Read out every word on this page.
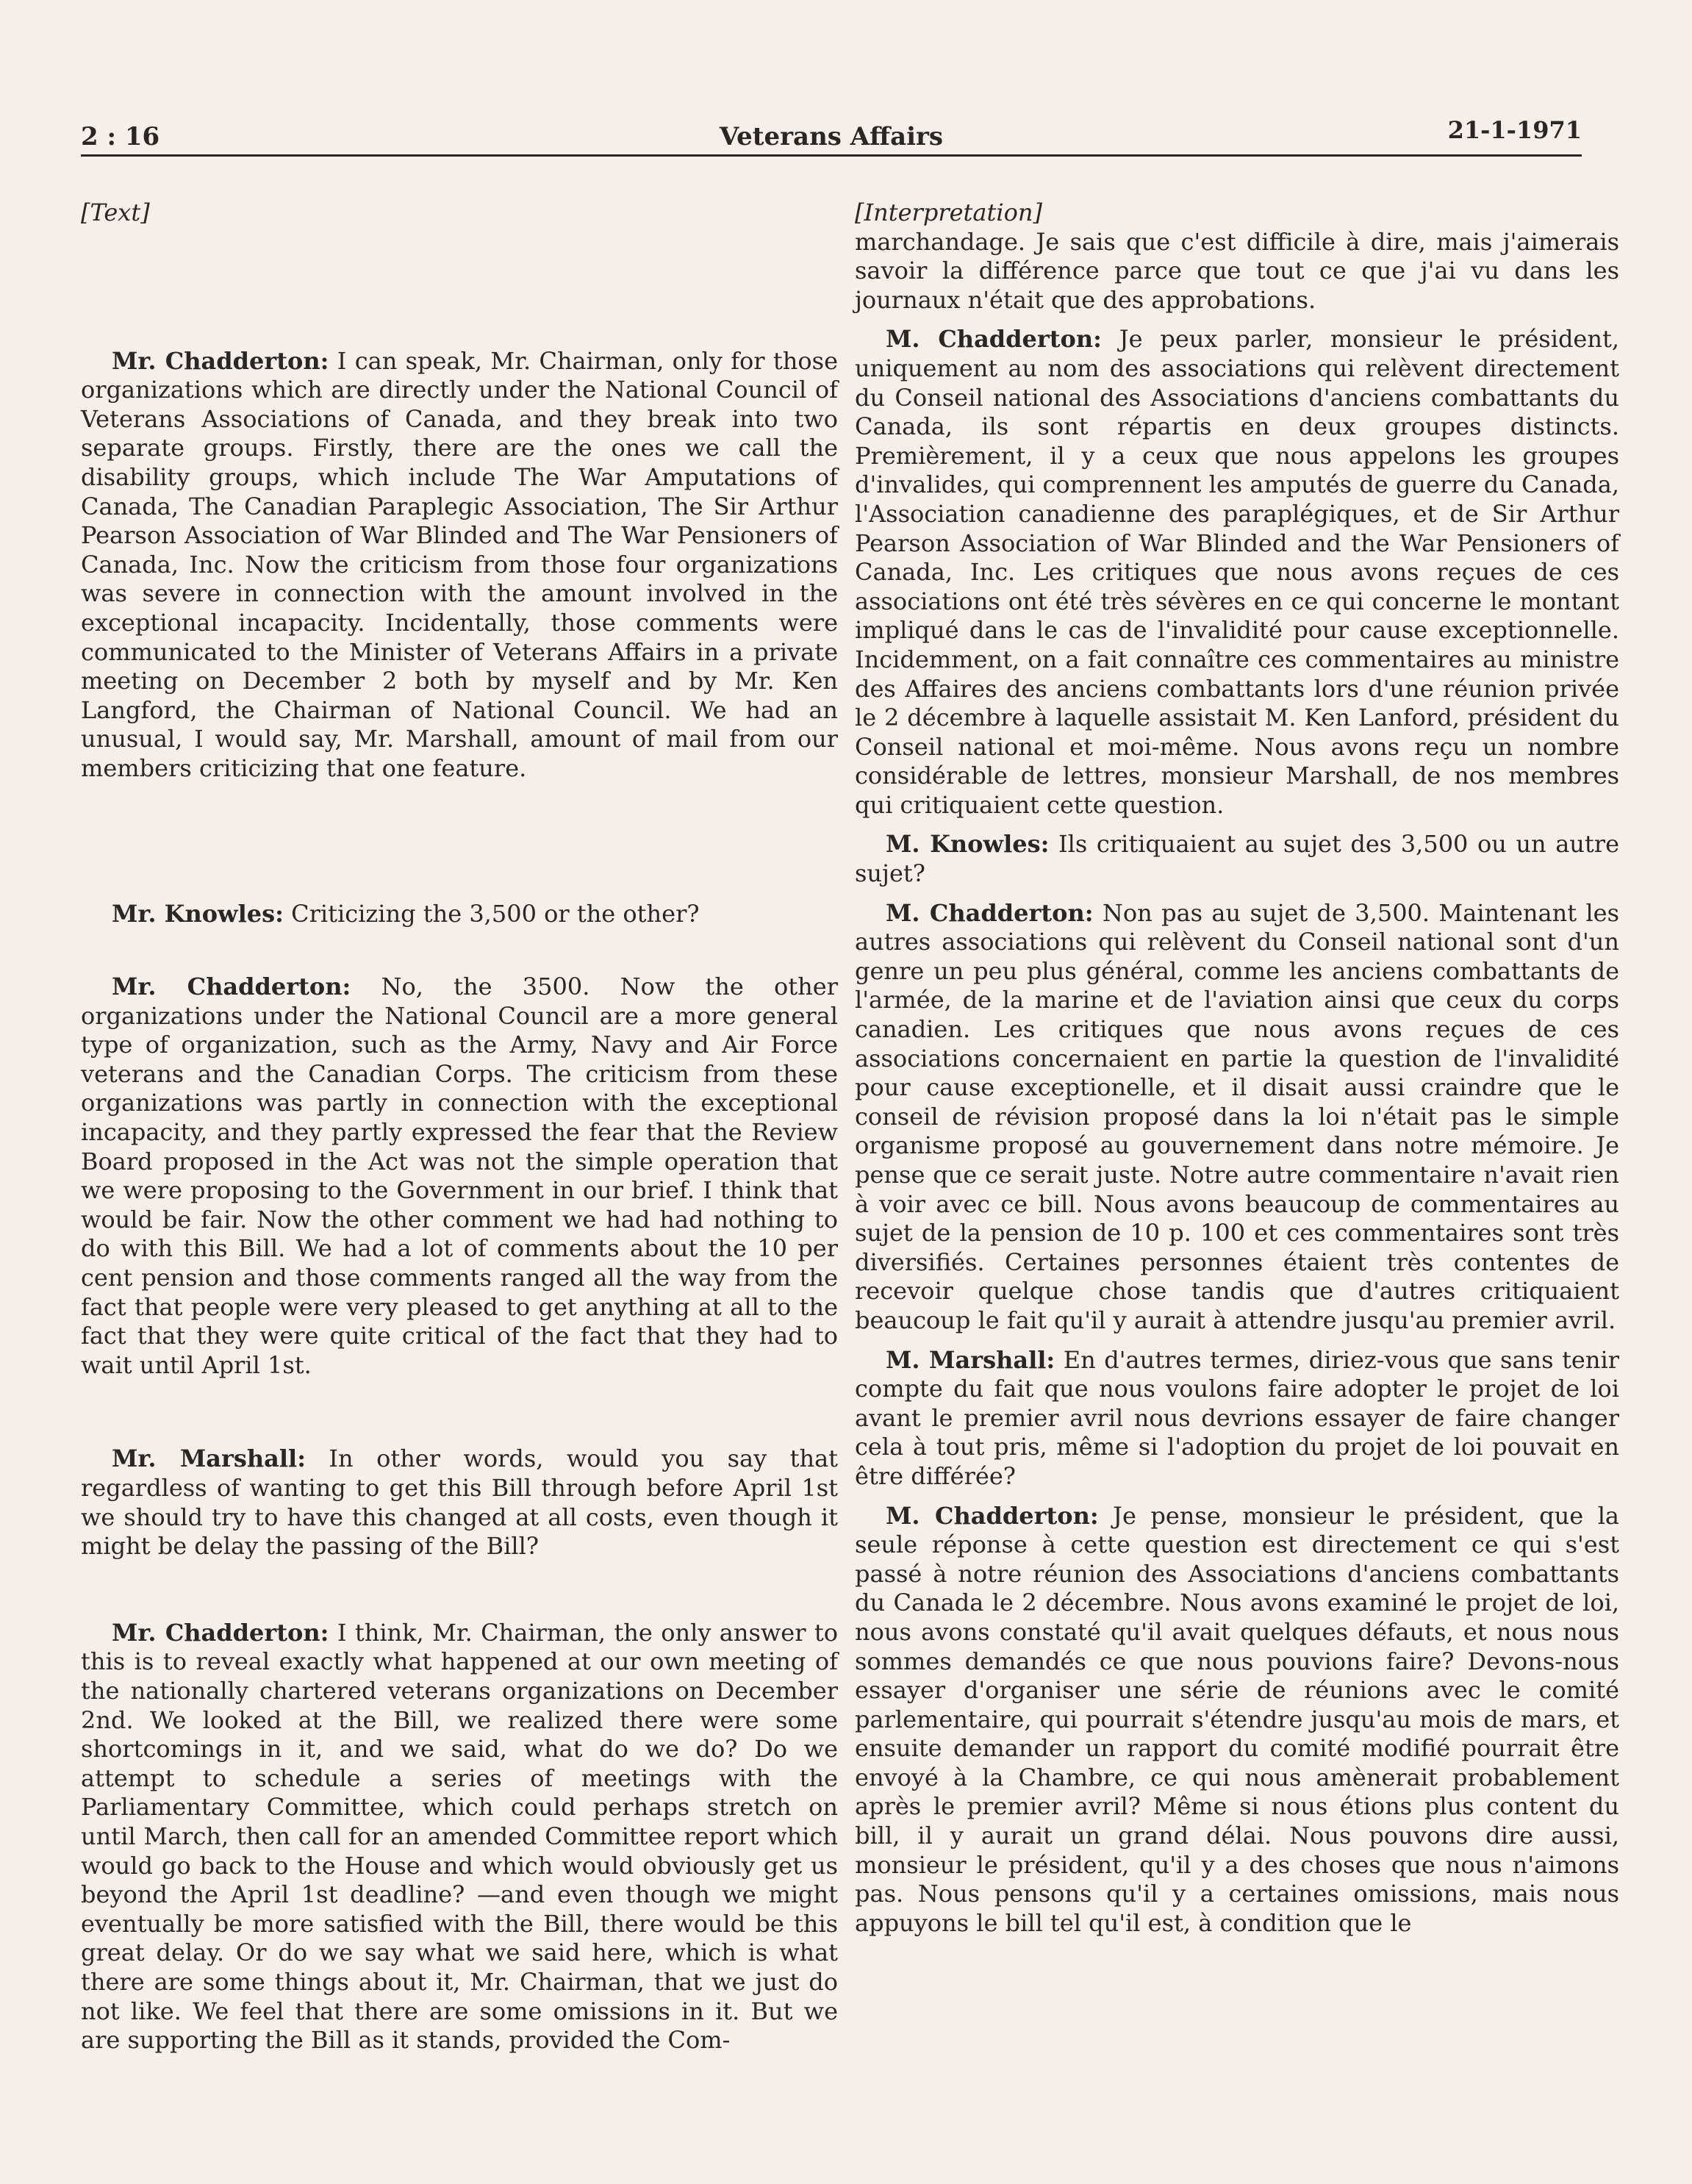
2 : 16	Veterans Affairs	21-1-1971

[Text]

Mr. Chadderton: I can speak, Mr. Chairman, only for those organizations which are directly under the National Council of Veterans Associations of Canada, and they break into two separate groups. Firstly, there are the ones we call the disability groups, which include The War Amputations of Canada, The Canadian Paraplegic Association, The Sir Arthur Pearson Association of War Blinded and The War Pensioners of Canada, Inc. Now the criticism from those four organizations was severe in connection with the amount involved in the exceptional incapacity. Incidentally, those comments were communicated to the Minister of Veterans Affairs in a private meeting on December 2 both by myself and by Mr. Ken Langford, the Chairman of National Council. We had an unusual, I would say, Mr. Marshall, amount of mail from our members criticizing that one feature.

Mr. Knowles: Criticizing the 3,500 or the other?

Mr. Chadderton: No, the 3500. Now the other organizations under the National Council are a more general type of organization, such as the Army, Navy and Air Force veterans and the Canadian Corps. The criticism from these organizations was partly in connection with the exceptional incapacity, and they partly expressed the fear that the Review Board proposed in the Act was not the simple operation that we were proposing to the Government in our brief. I think that would be fair. Now the other comment we had had nothing to do with this Bill. We had a lot of comments about the 10 per cent pension and those comments ranged all the way from the fact that people were very pleased to get anything at all to the fact that they were quite critical of the fact that they had to wait until April 1st.

Mr. Marshall: In other words, would you say that regardless of wanting to get this Bill through before April 1st we should try to have this changed at all costs, even though it might be delay the passing of the Bill?

Mr. Chadderton: I think, Mr. Chairman, the only answer to this is to reveal exactly what happened at our own meeting of the nationally chartered veterans organizations on December 2nd. We looked at the Bill, we realized there were some shortcomings in it, and we said, what do we do? Do we attempt to schedule a series of meetings with the Parliamentary Committee, which could perhaps stretch on until March, then call for an amended Committee report which would go back to the House and which would obviously get us beyond the April 1st deadline? —and even though we might eventually be more satisfied with the Bill, there would be this great delay. Or do we say what we said here, which is what there are some things about it, Mr. Chairman, that we just do not like. We feel that there are some omissions in it. But we are supporting the Bill as it stands, provided the Com-

[Interpretation]

marchandage. Je sais que c'est difficile à dire, mais j'aimerais savoir la différence parce que tout ce que j'ai vu dans les journaux n'était que des approbations.

M. Chadderton: Je peux parler, monsieur le président, uniquement au nom des associations qui relèvent directement du Conseil national des Associations d'anciens combattants du Canada, ils sont répartis en deux groupes distincts. Premièrement, il y a ceux que nous appelons les groupes d'invalides, qui comprennent les amputés de guerre du Canada, l'Association canadienne des paraplégiques, et de Sir Arthur Pearson Association of War Blinded and the War Pensioners of Canada, Inc. Les critiques que nous avons reçues de ces associations ont été très sévères en ce qui concerne le montant impliqué dans le cas de l'invalidité pour cause exceptionnelle. Incidemment, on a fait connaître ces commentaires au ministre des Affaires des anciens combattants lors d'une réunion privée le 2 décembre à laquelle assistait M. Ken Lanford, président du Conseil national et moi-même. Nous avons reçu un nombre considérable de lettres, monsieur Marshall, de nos membres qui critiquaient cette question.

M. Knowles: Ils critiquaient au sujet des 3,500 ou un autre sujet?

M. Chadderton: Non pas au sujet de 3,500. Maintenant les autres associations qui relèvent du Conseil national sont d'un genre un peu plus général, comme les anciens combattants de l'armée, de la marine et de l'aviation ainsi que ceux du corps canadien. Les critiques que nous avons reçues de ces associations concernaient en partie la question de l'invalidité pour cause exceptionelle, et il disait aussi craindre que le conseil de révision proposé dans la loi n'était pas le simple organisme proposé au gouvernement dans notre mémoire. Je pense que ce serait juste. Notre autre commentaire n'avait rien à voir avec ce bill. Nous avons beaucoup de commentaires au sujet de la pension de 10 p. 100 et ces commentaires sont très diversifiés. Certaines personnes étaient très contentes de recevoir quelque chose tandis que d'autres critiquaient beaucoup le fait qu'il y aurait à attendre jusqu'au premier avril.

M. Marshall: En d'autres termes, diriez-vous que sans tenir compte du fait que nous voulons faire adopter le projet de loi avant le premier avril nous devrions essayer de faire changer cela à tout pris, même si l'adoption du projet de loi pouvait en être différée?

M. Chadderton: Je pense, monsieur le président, que la seule réponse à cette question est directement ce qui s'est passé à notre réunion des Associations d'anciens combattants du Canada le 2 décembre. Nous avons examiné le projet de loi, nous avons constaté qu'il avait quelques défauts, et nous nous sommes demandés ce que nous pouvions faire? Devons-nous essayer d'organiser une série de réunions avec le comité parlementaire, qui pourrait s'étendre jusqu'au mois de mars, et ensuite demander un rapport du comité modifié pourrait être envoyé à la Chambre, ce qui nous amènerait probablement après le premier avril? Même si nous étions plus content du bill, il y aurait un grand délai. Nous pouvons dire aussi, monsieur le président, qu'il y a des choses que nous n'aimons pas. Nous pensons qu'il y a certaines omissions, mais nous appuyons le bill tel qu'il est, à condition que le
